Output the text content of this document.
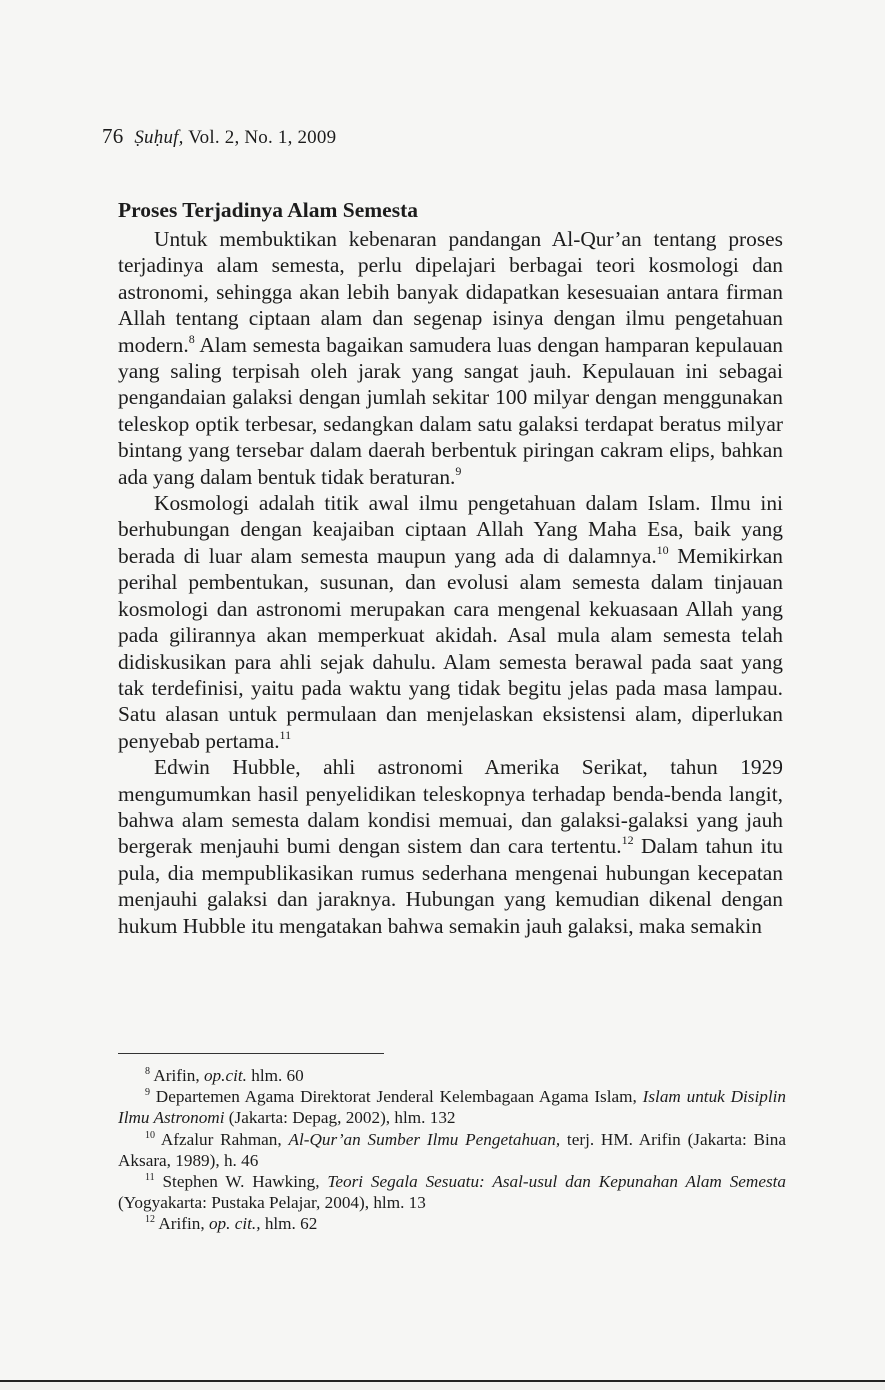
76 Ṣuḥuf, Vol. 2, No. 1, 2009
Proses Terjadinya Alam Semesta

Untuk membuktikan kebenaran pandangan Al-Qur’an tentang proses terjadinya alam semesta, perlu dipelajari berbagai teori kosmologi dan astronomi, sehingga akan lebih banyak didapatkan kesesuaian antara firman Allah tentang ciptaan alam dan segenap isinya dengan ilmu pengetahuan modern.$^8$ Alam semesta bagaikan samudera luas dengan hamparan kepulauan yang saling terpisah oleh jarak yang sangat jauh. Kepulauan ini sebagai pengandaian galaksi dengan jumlah sekitar 100 milyar dengan menggunakan teleskop optik terbesar, sedangkan dalam satu galaksi terdapat beratus milyar bintang yang tersebar dalam daerah berbentuk piringan cakram elips, bahkan ada yang dalam bentuk tidak beraturan.$^9$

Kosmologi adalah titik awal ilmu pengetahuan dalam Islam. Ilmu ini berhubungan dengan keajaiban ciptaan Allah Yang Maha Esa, baik yang berada di luar alam semesta maupun yang ada di dalamnya.$^{10}$ Memikirkan perihal pembentukan, susunan, dan evolusi alam semesta dalam tinjauan kosmologi dan astronomi merupakan cara mengenal kekuasaan Allah yang pada gilirannya akan memperkuat akidah. Asal mula alam semesta telah didiskusikan para ahli sejak dahulu. Alam semesta berawal pada saat yang tak terdefinisi, yaitu pada waktu yang tidak begitu jelas pada masa lampau. Satu alasan untuk permulaan dan menjelaskan eksistensi alam, diperlukan penyebab pertama.$^{11}$

Edwin Hubble, ahli astronomi Amerika Serikat, tahun 1929 mengumumkan hasil penyelidikan teleskopnya terhadap benda-benda langit, bahwa alam semesta dalam kondisi memuai, dan galaksi-galaksi yang jauh bergerak menjauhi bumi dengan sistem dan cara tertentu.$^{12}$ Dalam tahun itu pula, dia mempublikasikan rumus sederhana mengenai hubungan kecepatan menjauhi galaksi dan jaraknya. Hubungan yang kemudian dikenal dengan hukum Hubble itu mengatakan bahwa semakin jauh galaksi, maka semakin

$^8$ Arifin, op.cit. hlm. 60

$^9$ Departemen Agama Direktorat Jenderal Kelembagaan Agama Islam, Islam untuk Disiplin Ilmu Astronomi (Jakarta: Depag, 2002), hlm. 132

$^{10}$ Afzalur Rahman, Al-Qur’an Sumber Ilmu Pengetahuan, terj. HM. Arifin (Jakarta: Bina Aksara, 1989), h. 46

$^{11}$ Stephen W. Hawking, Teori Segala Sesuatu: Asal-usul dan Kepunahan Alam Semesta (Yogyakarta: Pustaka Pelajar, 2004), hlm. 13

$^{12}$ Arifin, op. cit., hlm. 62
